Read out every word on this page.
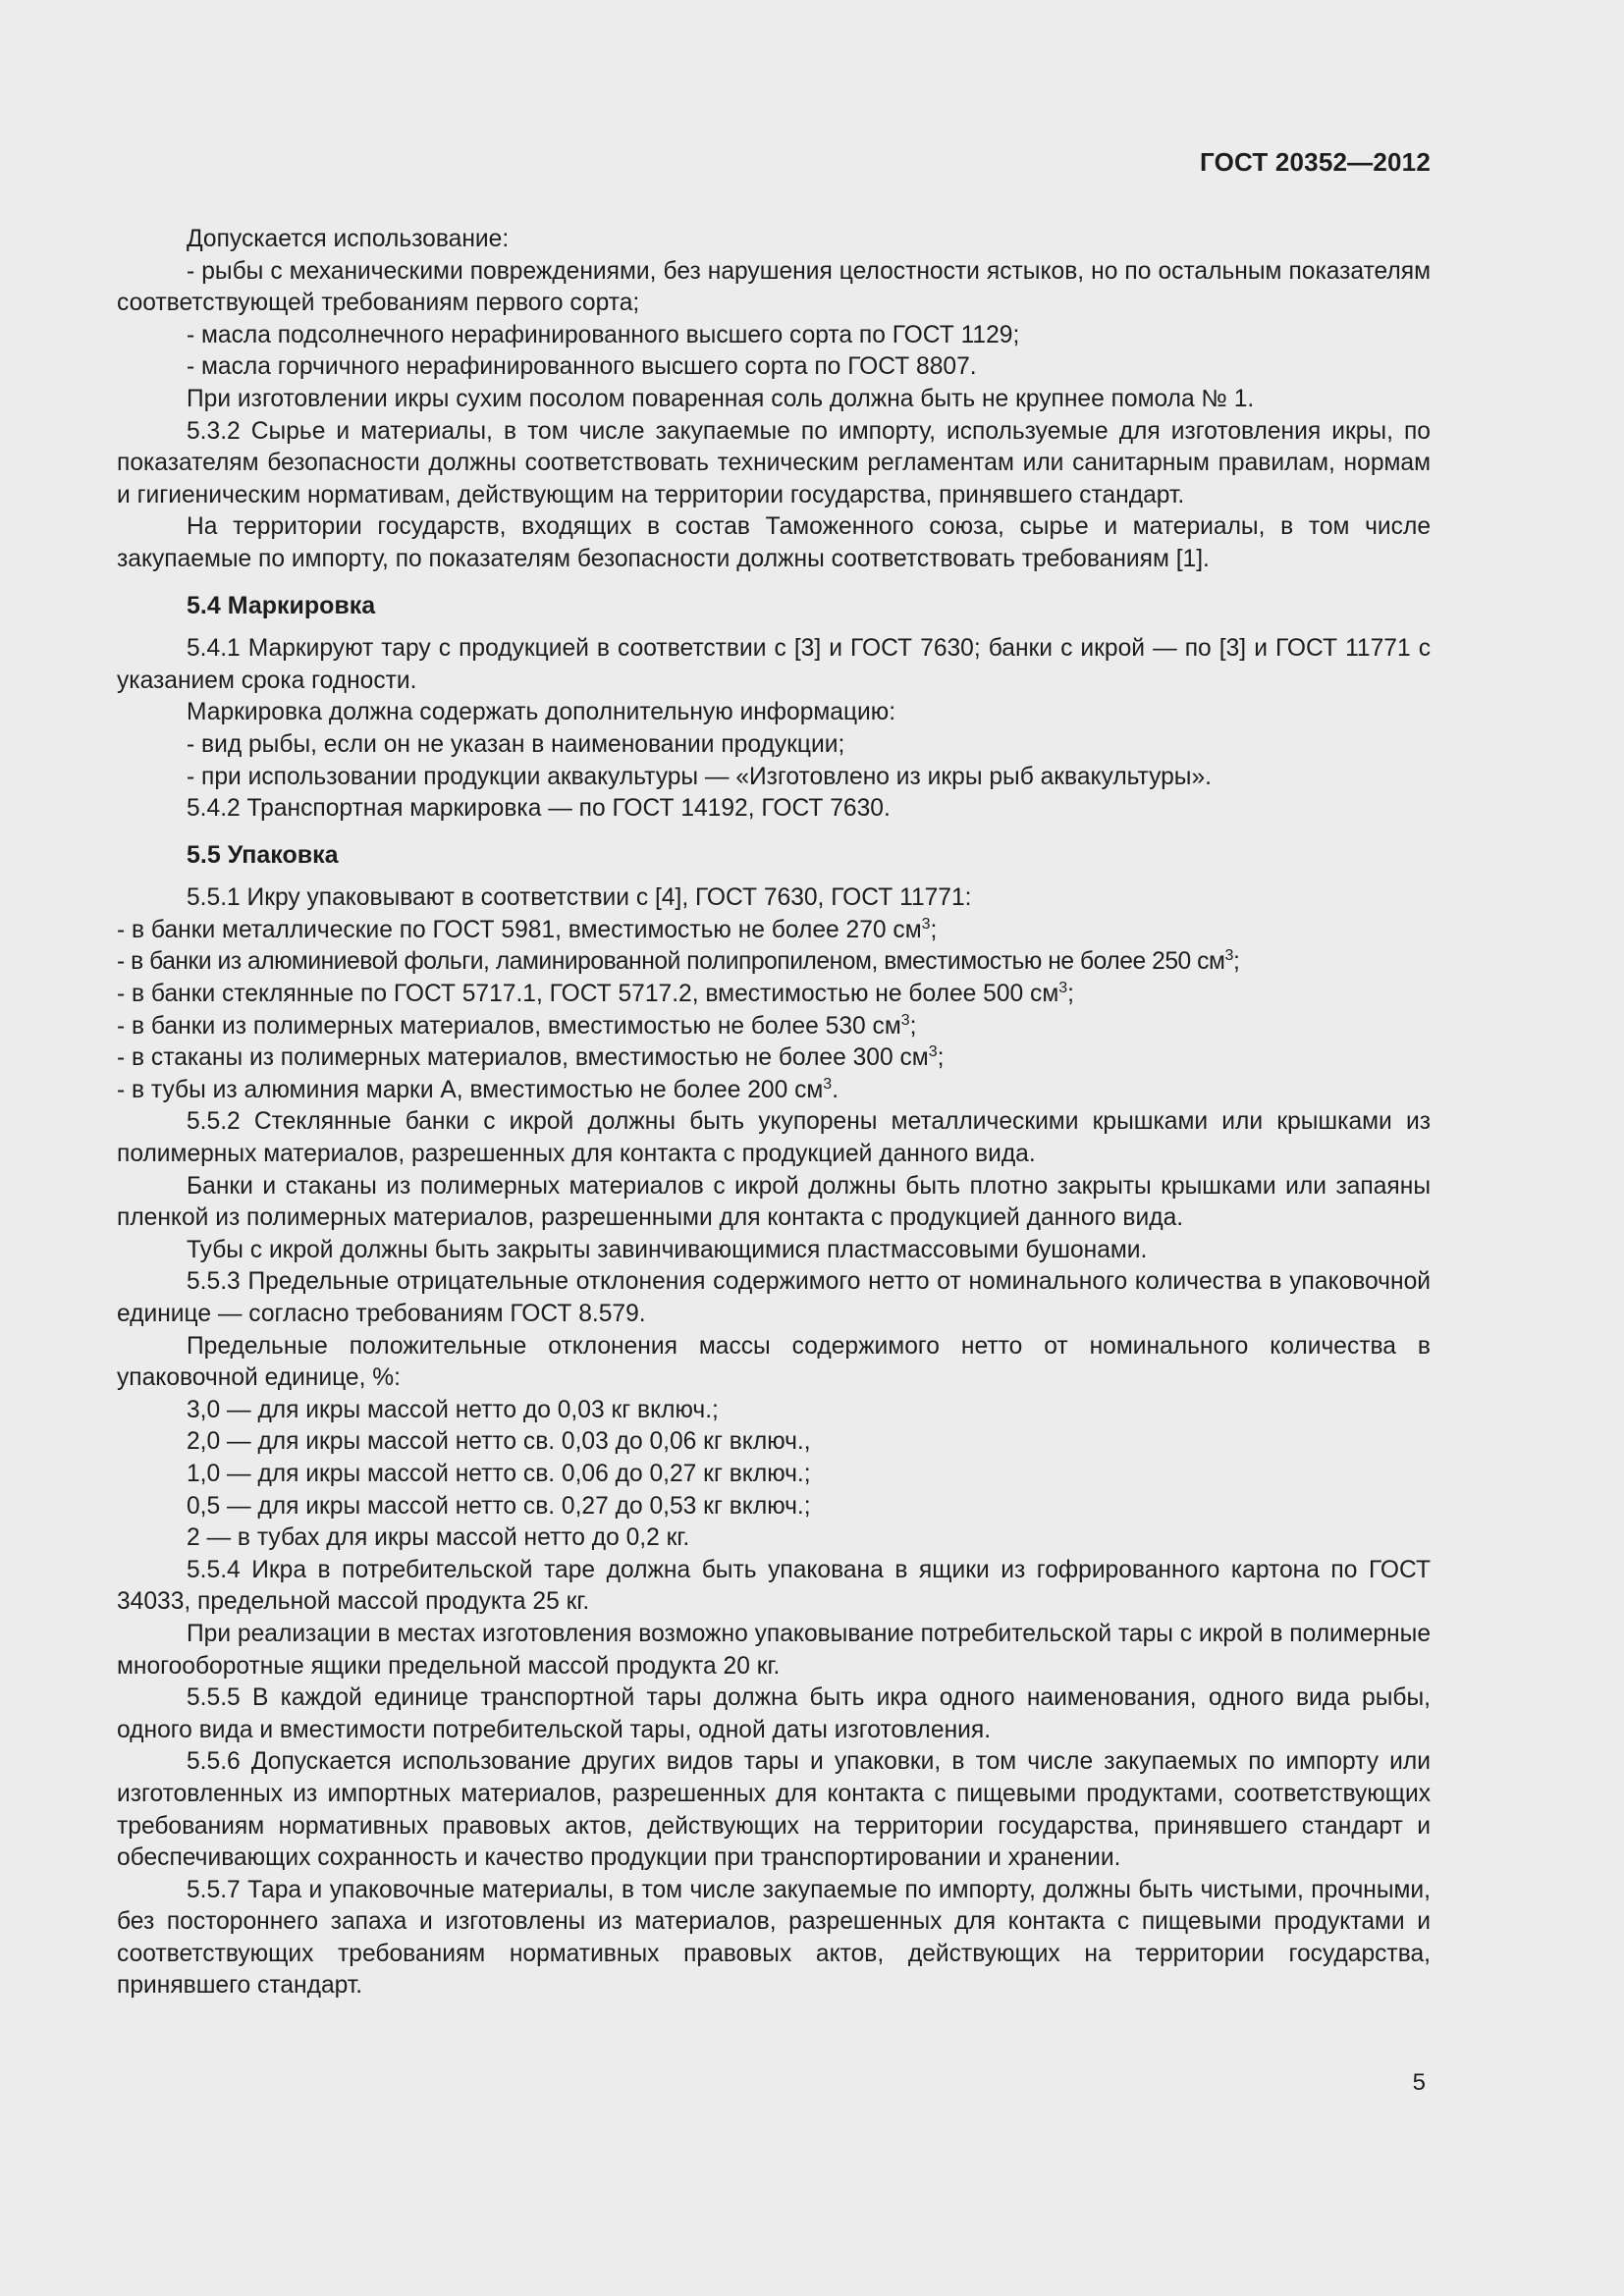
ГОСТ 20352—2012

Допускается использование:

- рыбы с механическими повреждениями, без нарушения целостности ястыков, но по остальным показателям соответствующей требованиям первого сорта;

- масла подсолнечного нерафинированного высшего сорта по ГОСТ 1129;

- масла горчичного нерафинированного высшего сорта по ГОСТ 8807.

При изготовлении икры сухим посолом поваренная соль должна быть не крупнее помола № 1.

5.3.2 Сырье и материалы, в том числе закупаемые по импорту, используемые для изготовления икры, по показателям безопасности должны соответствовать техническим регламентам или санитарным правилам, нормам и гигиеническим нормативам, действующим на территории государства, принявшего стандарт.

На территории государств, входящих в состав Таможенного союза, сырье и материалы, в том числе закупаемые по импорту, по показателям безопасности должны соответствовать требованиям [1].

5.4 Маркировка

5.4.1 Маркируют тару с продукцией в соответствии с [3] и ГОСТ 7630; банки с икрой — по [3] и ГОСТ 11771 с указанием срока годности.

Маркировка должна содержать дополнительную информацию:

- вид рыбы, если он не указан в наименовании продукции;

- при использовании продукции аквакультуры — «Изготовлено из икры рыб аквакультуры».

5.4.2 Транспортная маркировка — по ГОСТ 14192, ГОСТ 7630.

5.5 Упаковка

5.5.1 Икру упаковывают в соответствии с [4], ГОСТ 7630, ГОСТ 11771:

- в банки металлические по ГОСТ 5981, вместимостью не более 270 $см^3$;

- в банки из алюминиевой фольги, ламинированной полипропиленом, вместимостью не более 250 $см^3$;

- в банки стеклянные по ГОСТ 5717.1, ГОСТ 5717.2, вместимостью не более 500 $см^3$;

- в банки из полимерных материалов, вместимостью не более 530 $см^3$;

- в стаканы из полимерных материалов, вместимостью не более 300 $см^3$;

- в тубы из алюминия марки А, вместимостью не более 200 $см^3$.

5.5.2 Стеклянные банки с икрой должны быть укупорены металлическими крышками или крышками из полимерных материалов, разрешенных для контакта с продукцией данного вида.

Банки и стаканы из полимерных материалов с икрой должны быть плотно закрыты крышками или запаяны пленкой из полимерных материалов, разрешенными для контакта с продукцией данного вида.

Тубы с икрой должны быть закрыты завинчивающимися пластмассовыми бушонами.

5.5.3 Предельные отрицательные отклонения содержимого нетто от номинального количества в упаковочной единице — согласно требованиям ГОСТ 8.579.

Предельные положительные отклонения массы содержимого нетто от номинального количества в упаковочной единице, %:

3,0 — для икры массой нетто до 0,03 кг включ.;

2,0 — для икры массой нетто св. 0,03 до 0,06 кг включ.,

1,0 — для икры массой нетто св. 0,06 до 0,27 кг включ.;

0,5 — для икры массой нетто св. 0,27 до 0,53 кг включ.;

2 — в тубах для икры массой нетто до 0,2 кг.

5.5.4 Икра в потребительской таре должна быть упакована в ящики из гофрированного картона по ГОСТ 34033, предельной массой продукта 25 кг.

При реализации в местах изготовления возможно упаковывание потребительской тары с икрой в полимерные многооборотные ящики предельной массой продукта 20 кг.

5.5.5 В каждой единице транспортной тары должна быть икра одного наименования, одного вида рыбы, одного вида и вместимости потребительской тары, одной даты изготовления.

5.5.6 Допускается использование других видов тары и упаковки, в том числе закупаемых по импорту или изготовленных из импортных материалов, разрешенных для контакта с пищевыми продуктами, соответствующих требованиям нормативных правовых актов, действующих на территории государства, принявшего стандарт и обеспечивающих сохранность и качество продукции при транспортировании и хранении.

5.5.7 Тара и упаковочные материалы, в том числе закупаемые по импорту, должны быть чистыми, прочными, без постороннего запаха и изготовлены из материалов, разрешенных для контакта с пищевыми продуктами и соответствующих требованиям нормативных правовых актов, действующих на территории государства, принявшего стандарт.

5
